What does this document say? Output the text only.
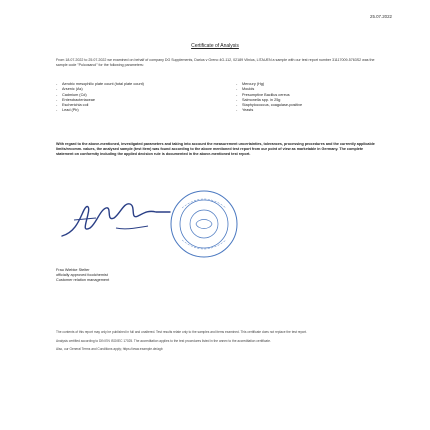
25.07.2022
Certificate of Analysis
From 18.07.2022 to 25.07.2022 we examined on behalf of company DG Supplements, Darius v Greno 4G-112, 02189 Vilnius, LITAUEN a sample with our test report number 31117009-5763S2 was the sample code "Pulcosanol" for the following parameters:
- Aerobic mesophilic plate count (total plate count)
- Arsenic (As)
- Cadmium (Cd)
- Enterobacteriaceae
- Escherichia coli
- Lead (Pb)
- Mercury (Hg)
- Moulds
- Presumptive Bacillus cereus
- Salmonella spp. in 25g
- Staphylococcus, coagulase-positive
- Yeasts
With regard to the above-mentioned, investigated parameters and taking into account the measurement uncertainties, tolerances, processing procedures and the currently applicable limits/recomm. values, the analysed sample (test item) was found according to the above mentioned test report from our point of view as marketable in Germany. The complete statement on conformity including the applied decision rule is documented in the above-mentioned test report.
Frau Wiebke Stelter
officially approved foodchemist
Customer relation management

The contents of this report may only be published in full and unaltered. Test results relate only to the samples and items examined. This certificate does not replace the test report.

Analysis certified according to DIN EN ISO/IEC 17025. The accreditation applies to the test procedures listed in the annex to the accreditation certificate.

Also, our General Terms and Conditions apply; https://www.example.de/agb
